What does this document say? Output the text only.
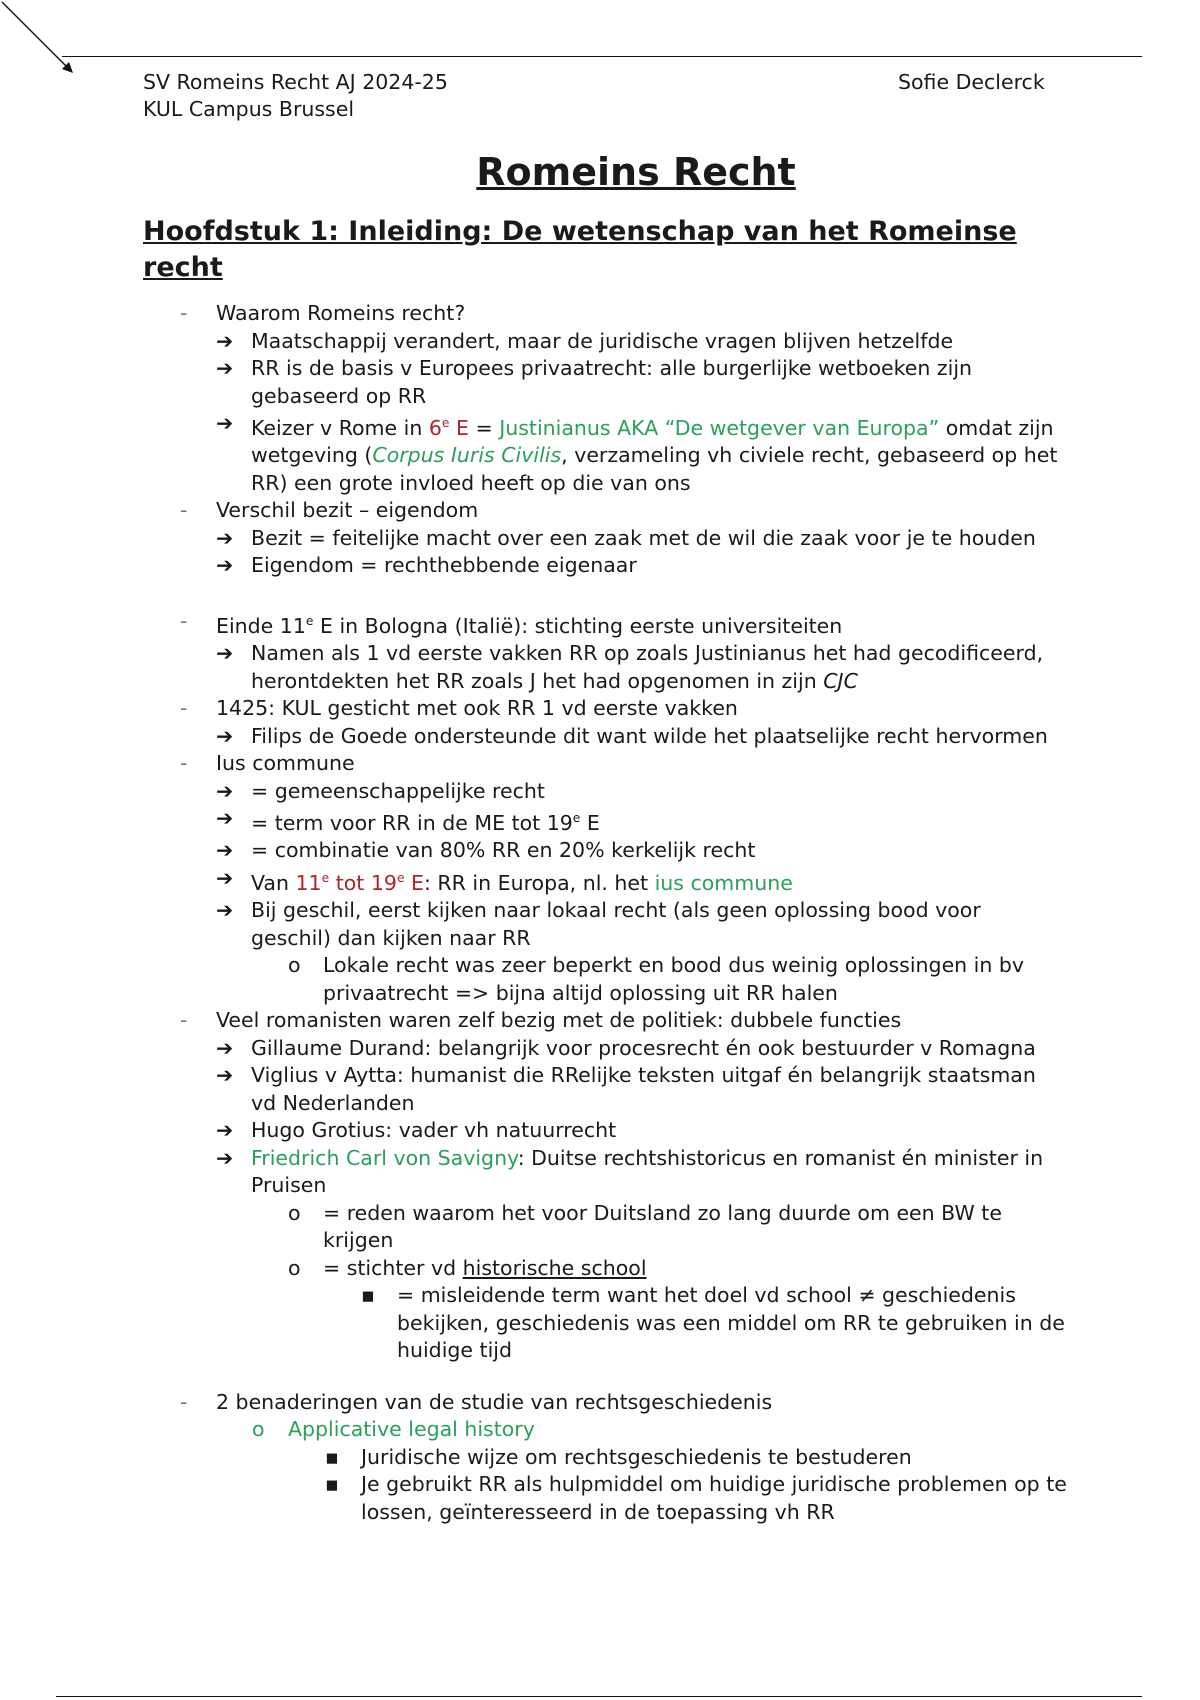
SV Romeins Recht AJ 2024-25
KUL Campus Brussel
Sofie Declerck
Romeins Recht
Hoofdstuk 1: Inleiding: De wetenschap van het Romeinse
recht
- Waarom Romeins recht?
➔ Maatschappij verandert, maar de juridische vragen blijven hetzelfde
➔ RR is de basis v Europees privaatrecht: alle burgerlijke wetboeken zijn
gebaseerd op RR
➔ Keizer v Rome in 6e E = Justinianus AKA “De wetgever van Europa” omdat zijn
wetgeving (Corpus Iuris Civilis, verzameling vh civiele recht, gebaseerd op het
RR) een grote invloed heeft op die van ons
- Verschil bezit – eigendom
➔ Bezit = feitelijke macht over een zaak met de wil die zaak voor je te houden
➔ Eigendom = rechthebbende eigenaar
- Einde 11e E in Bologna (Italië): stichting eerste universiteiten
➔ Namen als 1 vd eerste vakken RR op zoals Justinianus het had gecodificeerd,
herontdekten het RR zoals J het had opgenomen in zijn CJC
- 1425: KUL gesticht met ook RR 1 vd eerste vakken
➔ Filips de Goede ondersteunde dit want wilde het plaatselijke recht hervormen
- Ius commune
➔ = gemeenschappelijke recht
➔ = term voor RR in de ME tot 19e E
➔ = combinatie van 80% RR en 20% kerkelijk recht
➔ Van 11e tot 19e E: RR in Europa, nl. het ius commune
➔ Bij geschil, eerst kijken naar lokaal recht (als geen oplossing bood voor
geschil) dan kijken naar RR
o Lokale recht was zeer beperkt en bood dus weinig oplossingen in bv
privaatrecht => bijna altijd oplossing uit RR halen
- Veel romanisten waren zelf bezig met de politiek: dubbele functies
➔ Gillaume Durand: belangrijk voor procesrecht én ook bestuurder v Romagna
➔ Viglius v Aytta: humanist die RRelijke teksten uitgaf én belangrijk staatsman
vd Nederlanden
➔ Hugo Grotius: vader vh natuurrecht
➔ Friedrich Carl von Savigny: Duitse rechtshistoricus en romanist én minister in
Pruisen
o = reden waarom het voor Duitsland zo lang duurde om een BW te
krijgen
o = stichter vd historische school
▪ = misleidende term want het doel vd school ≠ geschiedenis
bekijken, geschiedenis was een middel om RR te gebruiken in de
huidige tijd
- 2 benaderingen van de studie van rechtsgeschiedenis
o Applicative legal history
▪ Juridische wijze om rechtsgeschiedenis te bestuderen
▪ Je gebruikt RR als hulpmiddel om huidige juridische problemen op te
lossen, geïnteresseerd in de toepassing vh RR
